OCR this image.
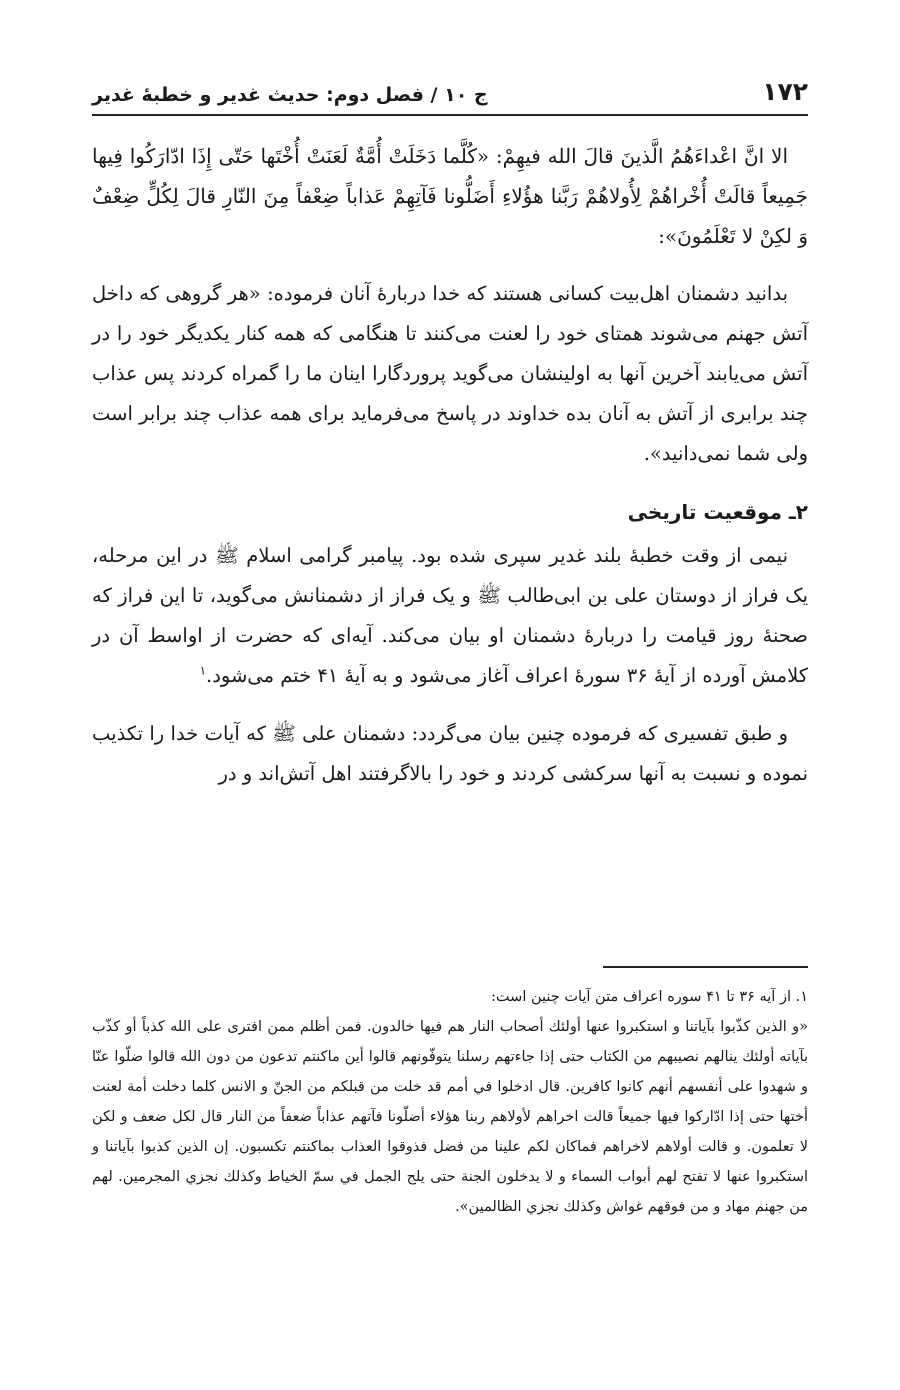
۱۷۲
ج ۱۰ / فصل دوم: حدیث غدیر و خطبهٔ غدیر

الا انَّ اعْداءَهُمُ الَّذينَ قالَ الله فيهِمْ: «كُلَّما دَخَلَتْ أُمَّةٌ لَعَنَتْ أُخْتَها حَتّى إِذَا ادّارَكُوا فِيها جَمِيعاً قالَتْ أُخْراهُمْ لِأُولاهُمْ رَبَّنا هؤُلاءِ أَضَلُّونا فَآتِهِمْ عَذاباً ضِعْفاً مِنَ النّارِ قالَ لِكُلٍّ ضِعْفٌ وَ لكِنْ لا تَعْلَمُونَ»:

بدانید دشمنان اهل‌بیت کسانی هستند که خدا دربارهٔ آنان فرموده: «هر گروهی که داخل آتش جهنم می‌شوند همتای خود را لعنت می‌کنند تا هنگامی که همه کنار یکدیگر خود را در آتش می‌یابند آخرین آنها به اولینشان می‌گوید پروردگارا اینان ما را گمراه کردند پس عذاب چند برابری از آتش به آنان بده خداوند در پاسخ می‌فرماید برای همه عذاب چند برابر است ولی شما نمی‌دانید».

۲ـ موقعیت تاریخی

نیمی از وقت خطبهٔ بلند غدیر سپری شده بود. پیامبر گرامی اسلام ﷺ در این مرحله، یک فراز از دوستان علی بن ابی‌طالب ﷺ و یک فراز از دشمنانش می‌گوید، تا این فراز که صحنهٔ روز قیامت را دربارهٔ دشمنان او بیان می‌کند. آیه‌ای که حضرت از اواسط آن در کلامش آورده از آیهٔ ۳۶ سورهٔ اعراف آغاز می‌شود و به آیهٔ ۴۱ ختم می‌شود.$^۱$

و طبق تفسیری که فرموده چنین بیان می‌گردد: دشمنان علی ﷺ که آیات خدا را تکذیب نموده و نسبت به آنها سرکشی کردند و خود را بالاگرفتند اهل آتش‌اند و در

۱. از آیه ۳۶ تا ۴۱ سوره اعراف متن آیات چنین است:

«و الذين كذّبوا بآياتنا و استكبروا عنها أولئك أصحاب النار هم فيها خالدون. فمن أظلم ممن افترى على الله كذباً أو كذّب بآياته أولئك ينالهم نصيبهم من الكتاب حتى إذا جاءتهم رسلنا يتوفّونهم قالوا أين ماكنتم تدعون من دون الله قالوا ضلّوا عنّا و شهدوا على أنفسهم أنهم كانوا كافرين. قال ادخلوا في أمم قد خلت من قبلكم من الجنّ و الانس كلما دخلت أمة لعنت أختها حتى إذا ادّاركوا فيها جميعاً قالت اخراهم لأولاهم ربنا هؤلاء أضلّونا فآتهم عذاباً ضعفاً من النار قال لكل ضعف و لكن لا تعلمون. و قالت أولاهم لاخراهم فماكان لكم علينا من فضل فذوقوا العذاب بماكنتم تكسبون. إن الذين كذبوا بآياتنا و استكبروا عنها لا تفتح لهم أبواب السماء و لا يدخلون الجنة حتى يلج الجمل في سمّ الخياط وكذلك نجزي المجرمين. لهم من جهنم مهاد و من فوقهم غواش وكذلك نجزي الظالمين».
